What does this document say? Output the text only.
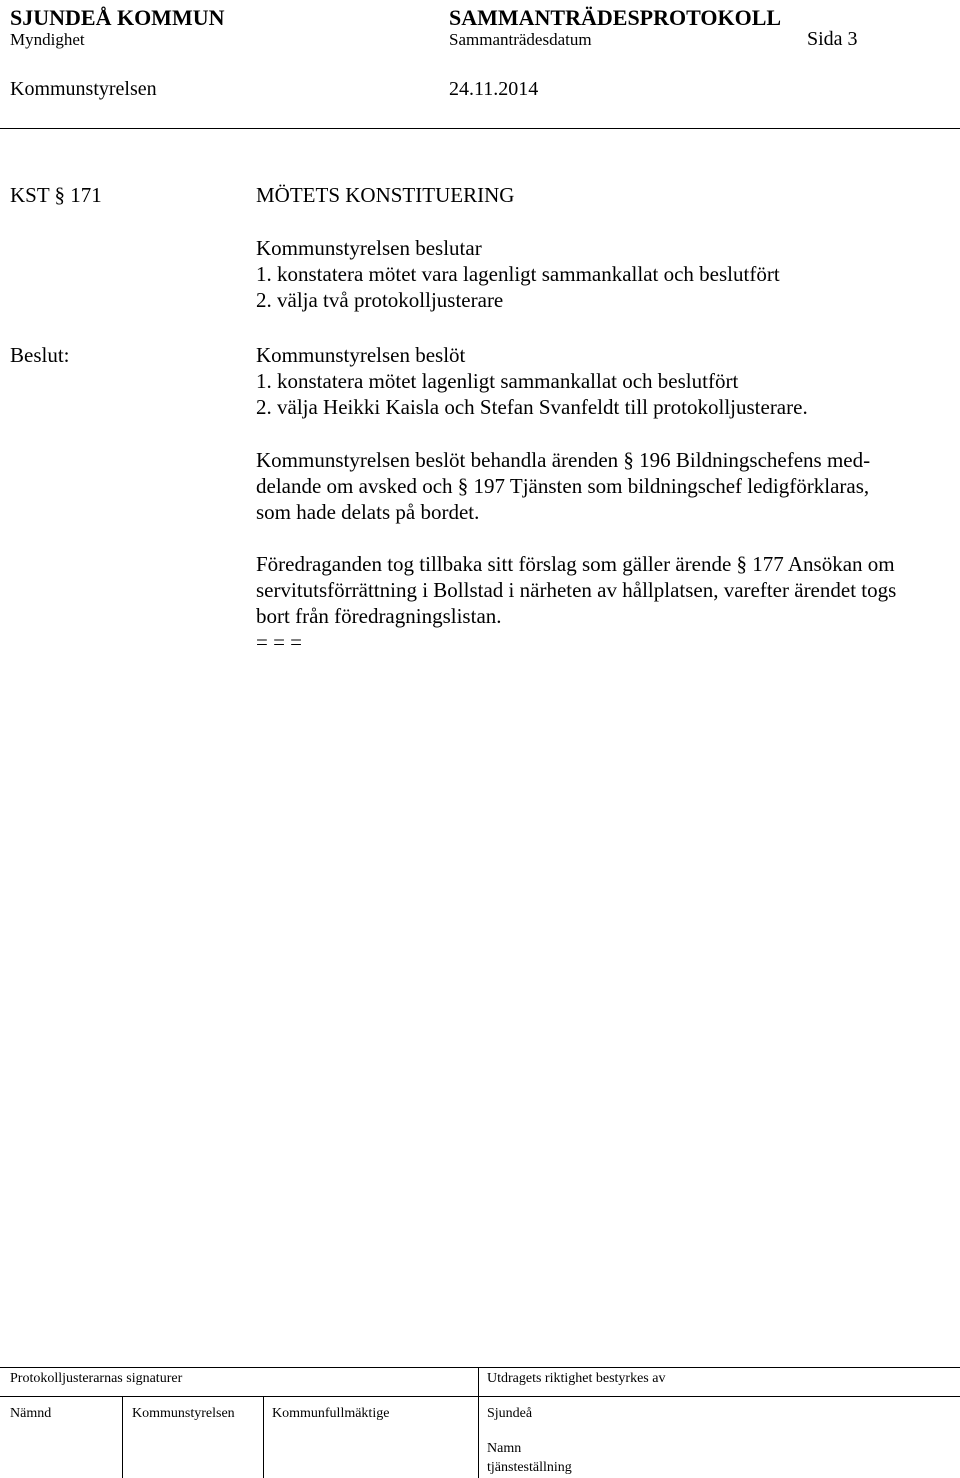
SJUNDEÅ KOMMUN	SAMMANTRÄDESPROTOKOLL
Myndighet	Sammanträdesdatum	Sida 3
Kommunstyrelsen	24.11.2014
KST § 171	MÖTETS KONSTITUERING
Kommunstyrelsen beslutar
1. konstatera mötet vara lagenligt sammankallat och beslutfört
2. välja två protokolljusterare
Beslut:	Kommunstyrelsen beslöt
1. konstatera mötet lagenligt sammankallat och beslutfört
2. välja Heikki Kaisla och Stefan Svanfeldt till protokolljusterare.
Kommunstyrelsen beslöt behandla ärenden § 196 Bildningschefens med-
delande om avsked och § 197 Tjänsten som bildningschef ledigförklaras,
som hade delats på bordet.
Föredraganden tog tillbaka sitt förslag som gäller ärende § 177 Ansökan om
servitutsförrättning i Bollstad i närheten av hållplatsen, varefter ärendet togs
bort från föredragningslistan.
= = =
Protokolljusterarnas signaturer	Utdragets riktighet bestyrkes av
Nämnd	Kommunstyrelsen	Kommunfullmäktige	Sjundeå
Namn
tjänsteställning
